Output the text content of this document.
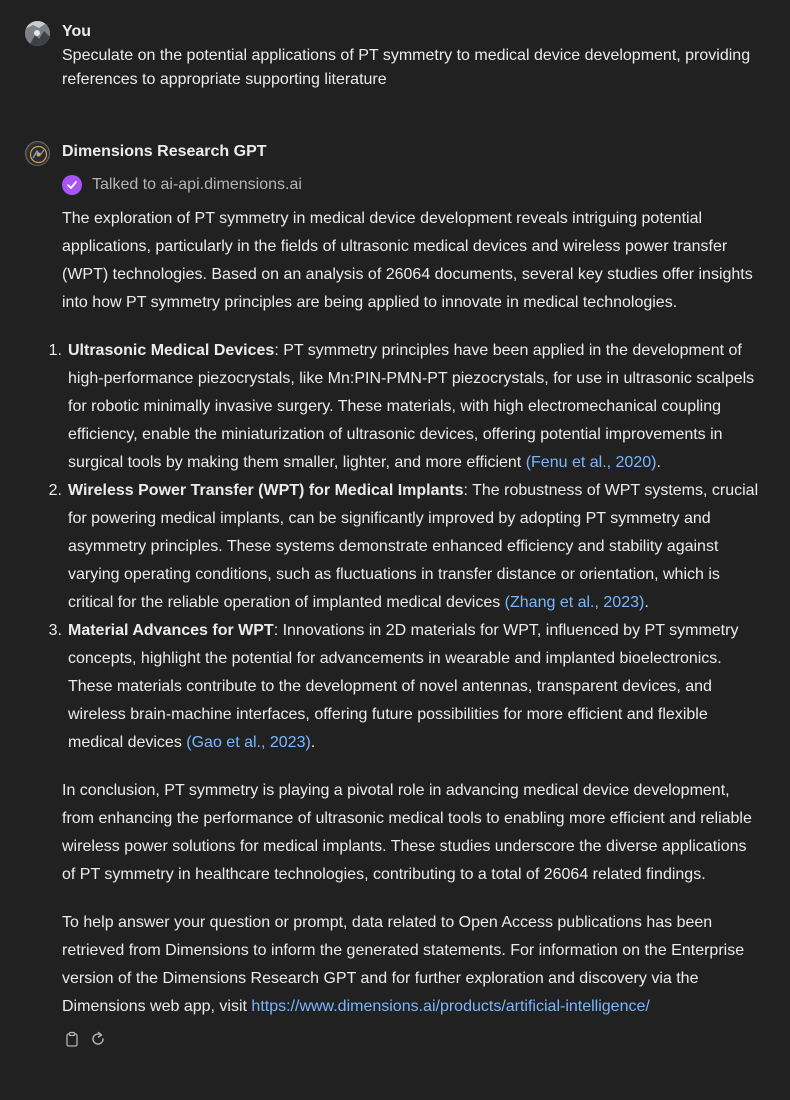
You
Speculate on the potential applications of PT symmetry to medical device development, providing references to appropriate supporting literature
Dimensions Research GPT
Talked to ai-api.dimensions.ai

The exploration of PT symmetry in medical device development reveals intriguing potential applications, particularly in the fields of ultrasonic medical devices and wireless power transfer (WPT) technologies. Based on an analysis of 26064 documents, several key studies offer insights into how PT symmetry principles are being applied to innovate in medical technologies.

1. Ultrasonic Medical Devices: PT symmetry principles have been applied in the development of high-performance piezocrystals, like Mn:PIN-PMN-PT piezocrystals, for use in ultrasonic scalpels for robotic minimally invasive surgery. These materials, with high electromechanical coupling efficiency, enable the miniaturization of ultrasonic devices, offering potential improvements in surgical tools by making them smaller, lighter, and more efficient (Fenu et al., 2020).
2. Wireless Power Transfer (WPT) for Medical Implants: The robustness of WPT systems, crucial for powering medical implants, can be significantly improved by adopting PT symmetry and asymmetry principles. These systems demonstrate enhanced efficiency and stability against varying operating conditions, such as fluctuations in transfer distance or orientation, which is critical for the reliable operation of implanted medical devices (Zhang et al., 2023).
3. Material Advances for WPT: Innovations in 2D materials for WPT, influenced by PT symmetry concepts, highlight the potential for advancements in wearable and implanted bioelectronics. These materials contribute to the development of novel antennas, transparent devices, and wireless brain-machine interfaces, offering future possibilities for more efficient and flexible medical devices (Gao et al., 2023).

In conclusion, PT symmetry is playing a pivotal role in advancing medical device development, from enhancing the performance of ultrasonic medical tools to enabling more efficient and reliable wireless power solutions for medical implants. These studies underscore the diverse applications of PT symmetry in healthcare technologies, contributing to a total of 26064 related findings.

To help answer your question or prompt, data related to Open Access publications has been retrieved from Dimensions to inform the generated statements. For information on the Enterprise version of the Dimensions Research GPT and for further exploration and discovery via the Dimensions web app, visit https://www.dimensions.ai/products/artificial-intelligence/
